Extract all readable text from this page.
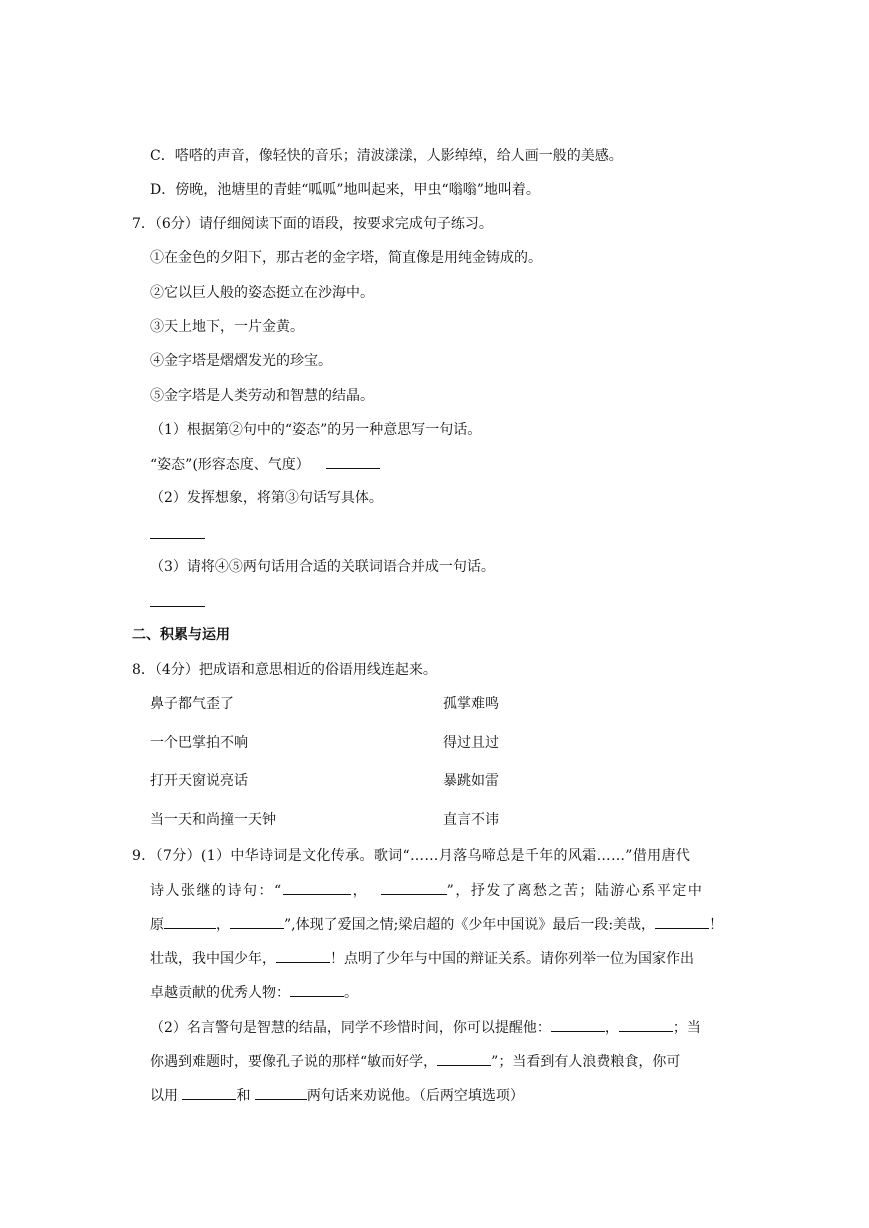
C．嗒嗒的声音，像轻快的音乐；清波漾漾，人影绰绰，给人画一般的美感。
D．傍晚，池塘里的青蛙“呱呱”地叫起来，甲虫“嗡嗡”地叫着。
7．（6分）请仔细阅读下面的语段，按要求完成句子练习。
①在金色的夕阳下，那古老的金字塔，简直像是用纯金铸成的。
②它以巨人般的姿态挺立在沙海中。
③天上地下，一片金黄。
④金字塔是熠熠发光的珍宝。
⑤金字塔是人类劳动和智慧的结晶。
（1）根据第②句中的“姿态”的另一种意思写一句话。
“姿态”(形容态度、气度）
（2）发挥想象，将第③句话写具体。
（3）请将④⑤两句话用合适的关联词语合并成一句话。
二、积累与运用
8．（4分）把成语和意思相近的俗语用线连起来。
鼻子都气歪了	孤掌难鸣
一个巴掌拍不响	得过且过
打开天窗说亮话	暴跳如雷
当一天和尚撞一天钟	直言不讳
9．（7分）(1）中华诗词是文化传承。歌词“……月落乌啼总是千年的风霜……”借用唐代
诗人张继的诗句：“	，	”，抒发了离愁之苦；陆游心系平定中
原	，	”,体现了爱国之情;梁启超的《少年中国说》最后一段:美哉，	！
壮哉，我中国少年，	！点明了少年与中国的辩证关系。请你列举一位为国家作出
卓越贡献的优秀人物：	。
（2）名言警句是智慧的结晶，同学不珍惜时间，你可以提醒他：	，	；当
你遇到难题时，要像孔子说的那样“敏而好学，	”；当看到有人浪费粮食，你可
以用	和	两句话来劝说他。（后两空填选项）
